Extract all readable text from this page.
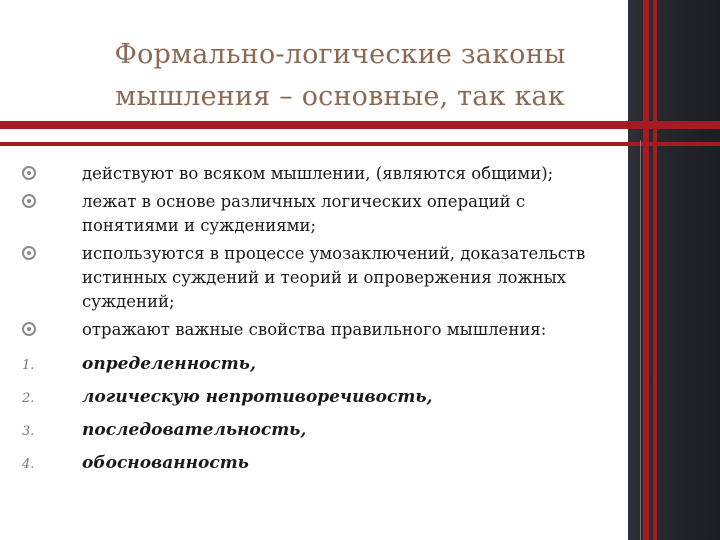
Формально-логические законы
мышления – основные, так как
действуют во всяком мышлении, (являются общими);
лежат в основе различных логических операций с
понятиями и суждениями;
используются в процессе умозаключений, доказательств
истинных суждений и теорий и опровержения ложных
суждений;
отражают важные свойства правильного мышления:
1.	определенность,
2.	логическую непротиворечивость,
3.	последовательность,
4.	обоснованность
